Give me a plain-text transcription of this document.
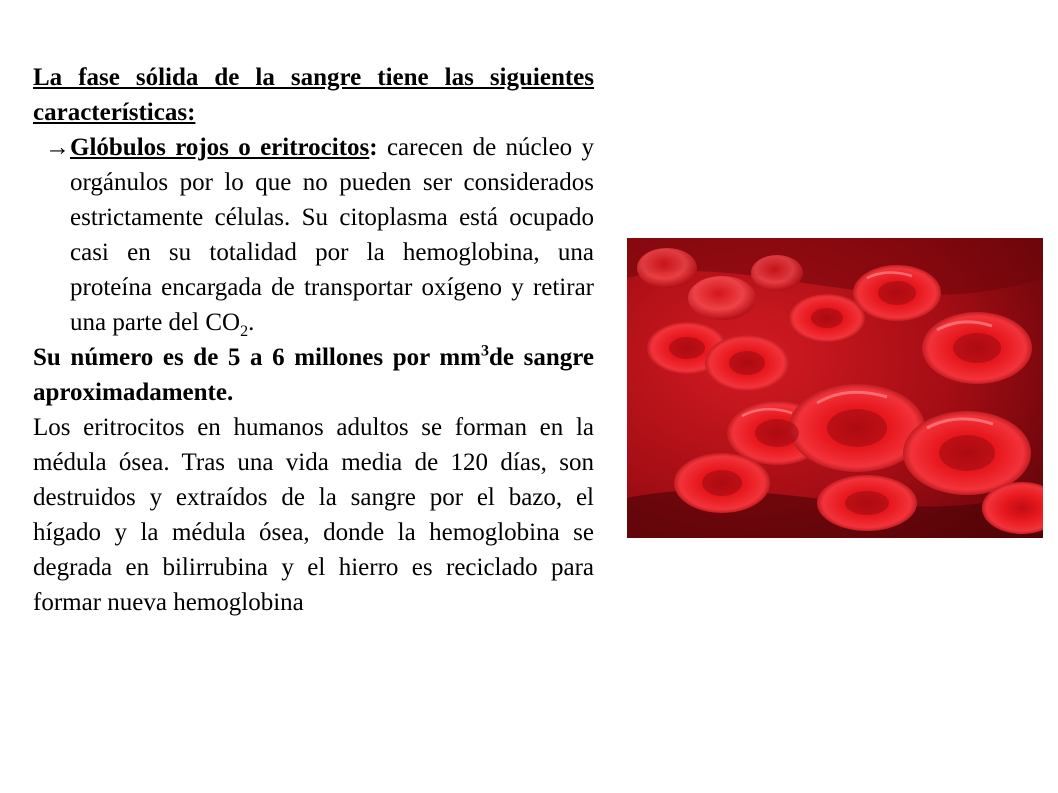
La fase sólida de la sangre tiene las siguientes características:

→ Glóbulos rojos o eritrocitos: carecen de núcleo y orgánulos por lo que no pueden ser considerados estrictamente células. Su citoplasma está ocupado casi en su totalidad por la hemoglobina, una proteína encargada de transportar oxígeno y retirar una parte del $CO_2$.

Su número es de 5 a 6 millones por $mm^3de$ sangre aproximadamente.

Los eritrocitos en humanos adultos se forman en la médula ósea. Tras una vida media de 120 días, son destruidos y extraídos de la sangre por el bazo, el hígado y la médula ósea, donde la hemoglobina se degrada en bilirrubina y el hierro es reciclado para formar nueva hemoglobina
